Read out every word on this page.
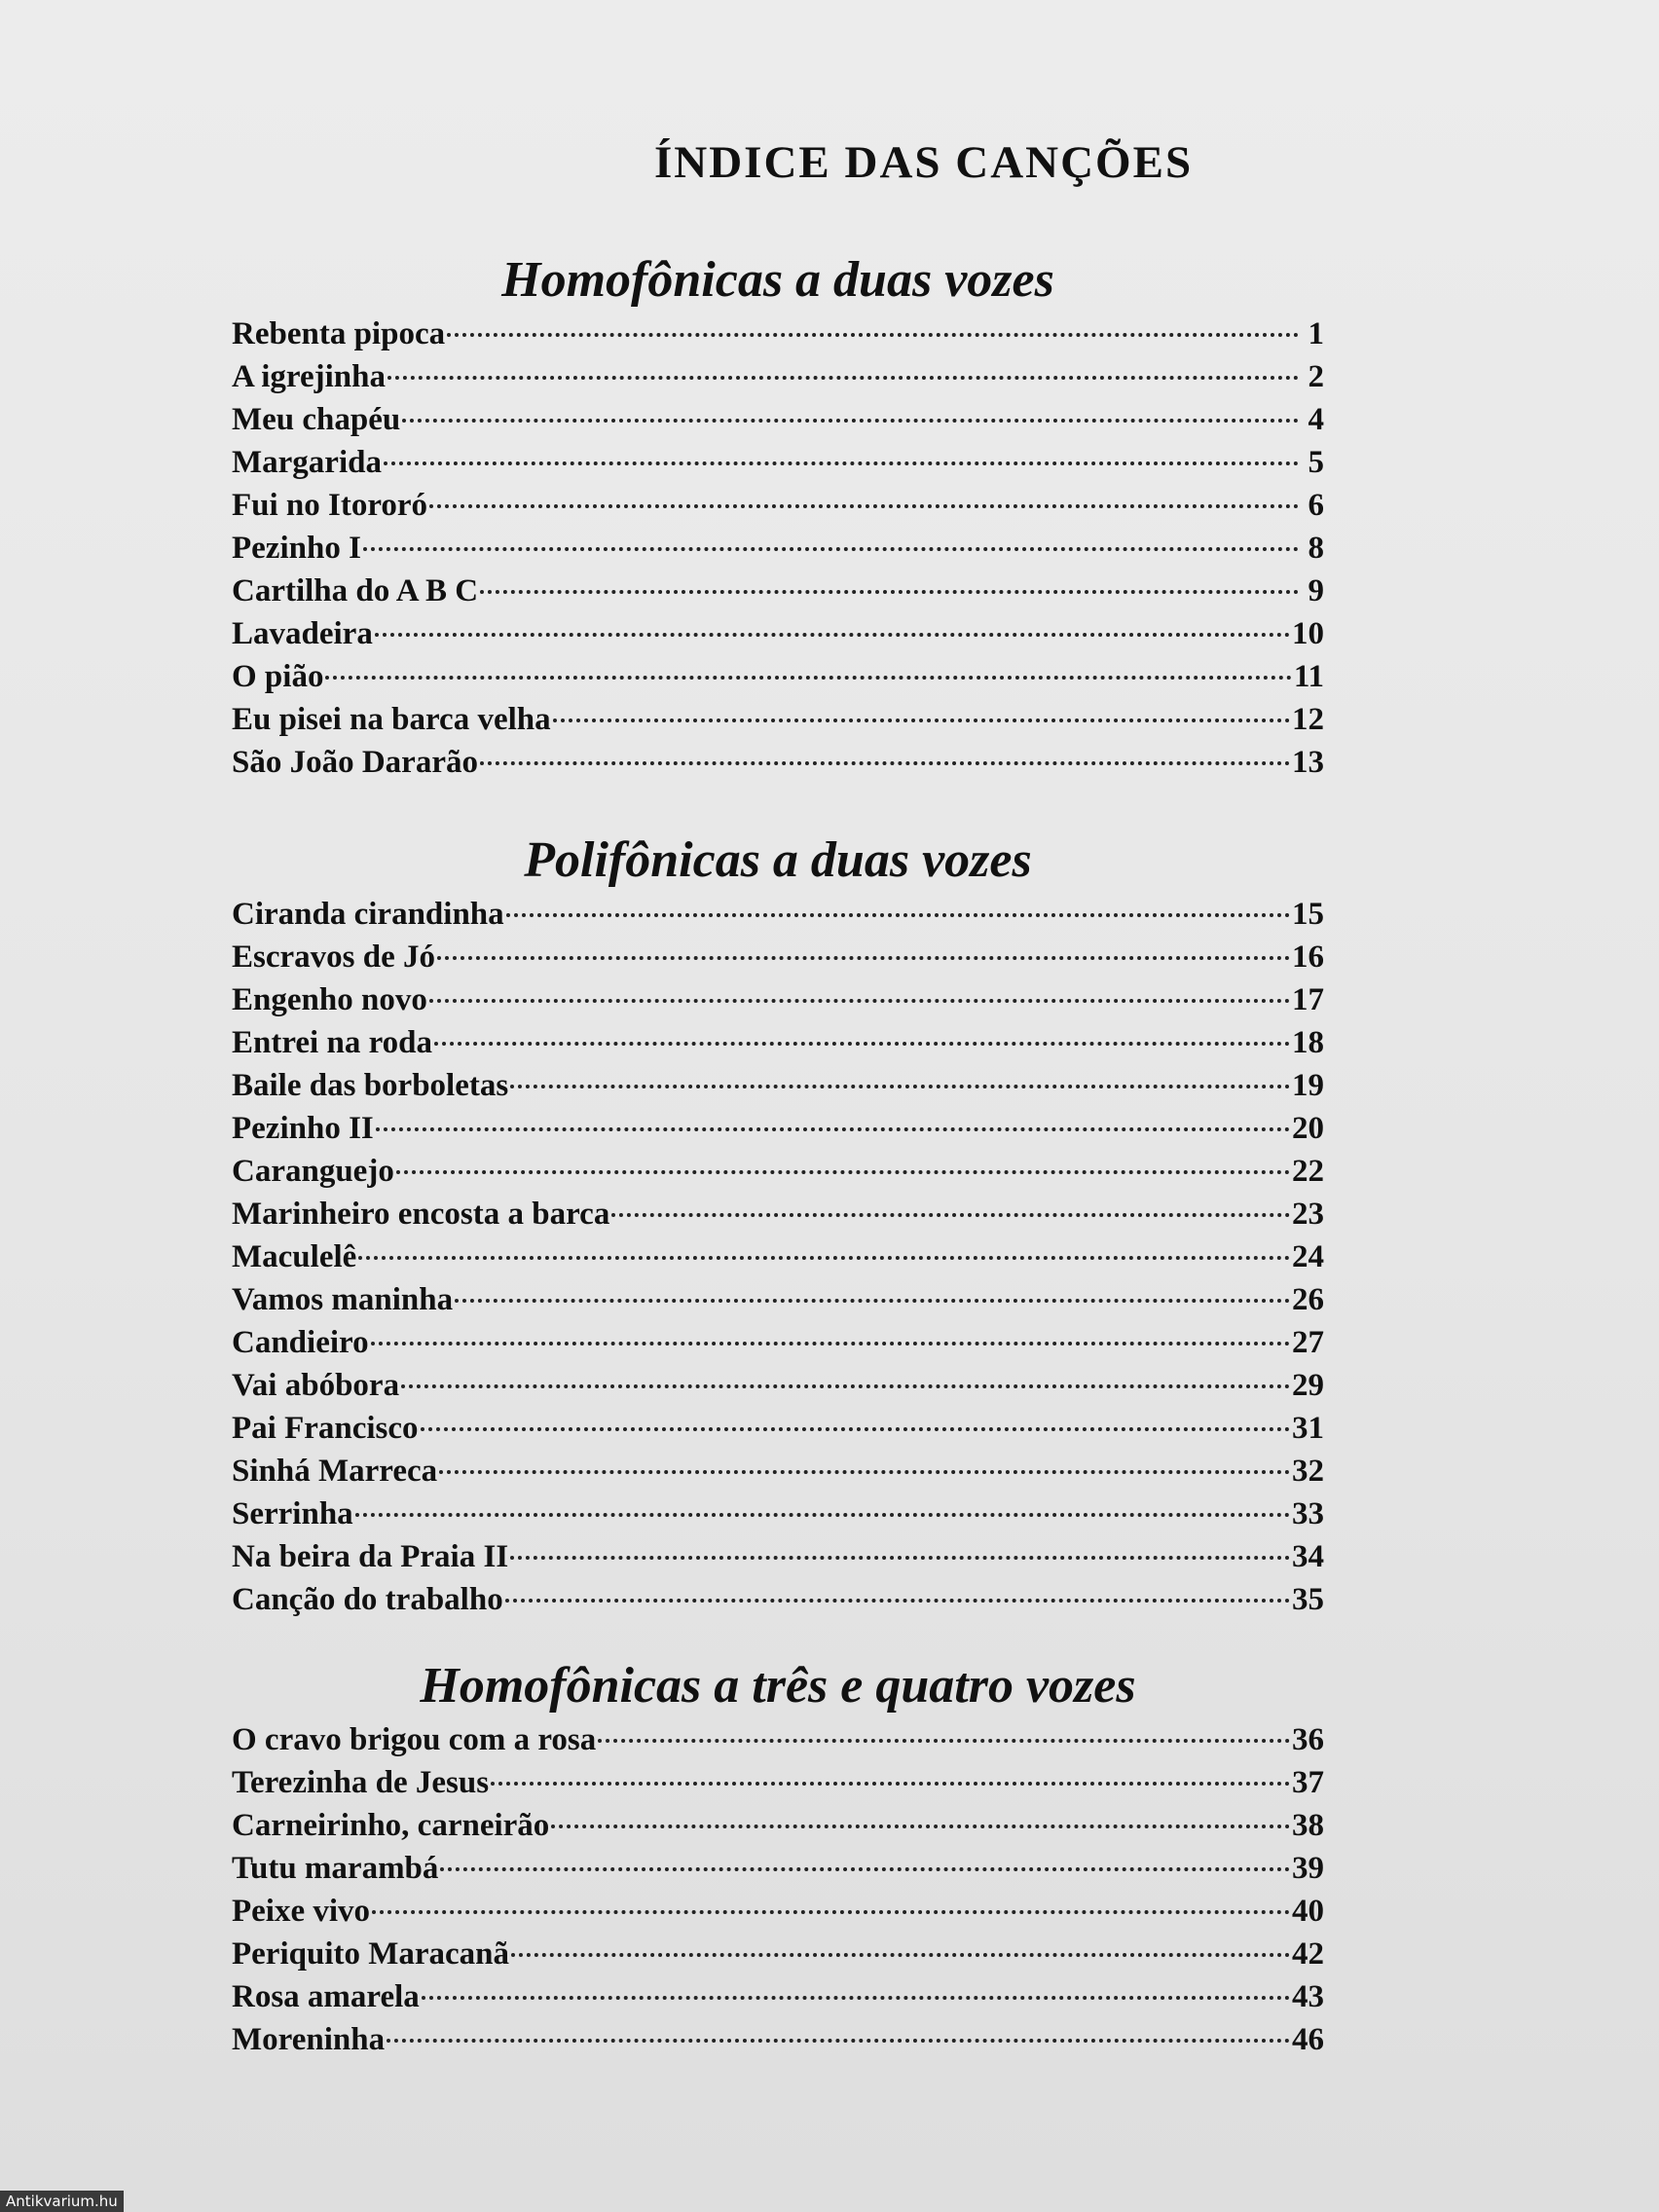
ÍNDICE DAS CANÇÕES
Homofônicas a duas vozes
Rebenta pipoca	1
A igrejinha	2
Meu chapéu	4
Margarida	5
Fui no Itororó	6
Pezinho I	8
Cartilha do A B C	9
Lavadeira	10
O pião	11
Eu pisei na barca velha	12
São João Dararão	13
Polifônicas a duas vozes
Ciranda cirandinha	15
Escravos de Jó	16
Engenho novo	17
Entrei na roda	18
Baile das borboletas	19
Pezinho II	20
Caranguejo	22
Marinheiro encosta a barca	23
Maculelê	24
Vamos maninha	26
Candieiro	27
Vai abóbora	29
Pai Francisco	31
Sinhá Marreca	32
Serrinha	33
Na beira da Praia II	34
Canção do trabalho	35
Homofônicas a três e quatro vozes
O cravo brigou com a rosa	36
Terezinha de Jesus	37
Carneirinho, carneirão	38
Tutu marambá	39
Peixe vivo	40
Periquito Maracanã	42
Rosa amarela	43
Moreninha	46
Antikvarium.hu
